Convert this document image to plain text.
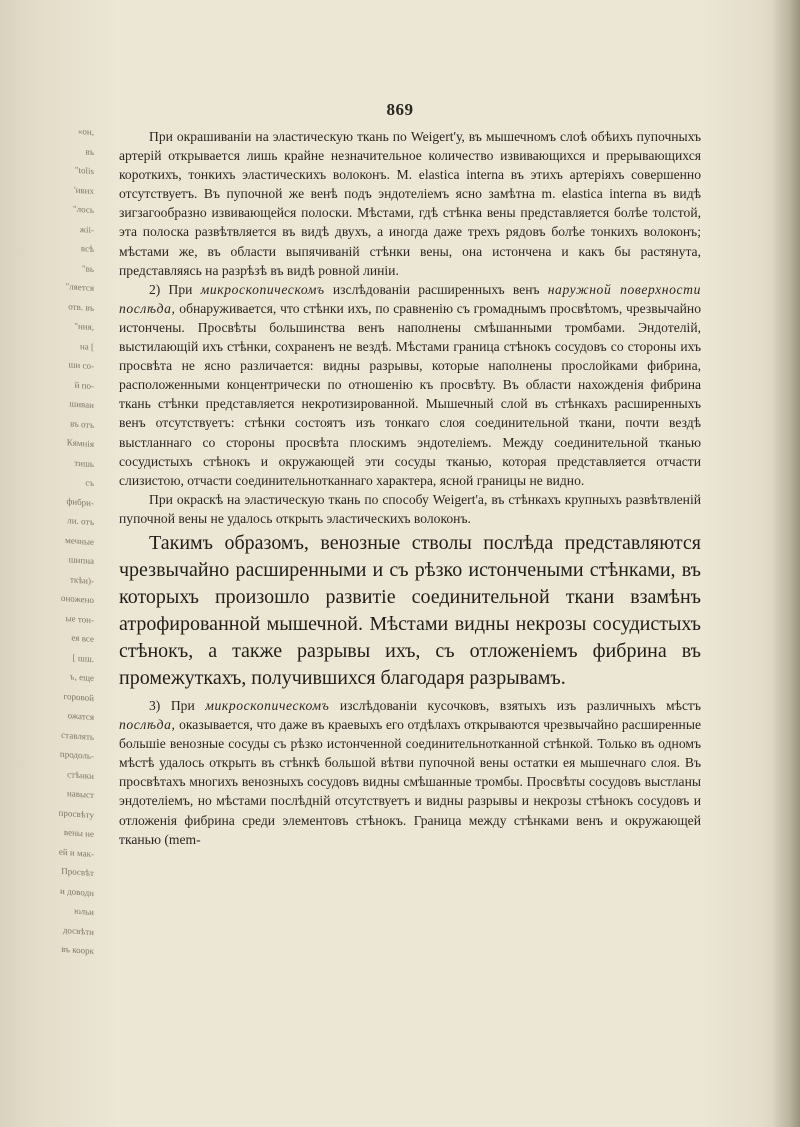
«он,
въ
"tolis
'ивих
"лось
жіі-
всѣ
"вь
"ляется
отв. въ
"ния,
на [
ши со-
й по-
шиваи
въ отъ
Кямнія
тишь
съ
фибри-
ли. отъ
мечные
шипна
ткѣи)-
оножено
ые тон-
ея все
[ шш.
ъ, еще
горовой
ожатся
ставлять
продоль-
стѣнки
навыст
просвѣту
вены не
ей и мак-
Просвѣт
и доводн
юльи
досвѣти
въ коорк
869

При окрашиваніи на эластическую ткань по Weigert'у, въ мышечномъ слоѣ обѣихъ пупочныхъ артерій открывается лишь крайне незначительное количество извивающихся и прерывающихся короткихъ, тонкихъ эластическихъ волоконъ. M. elastica interna въ этихъ артеріяхъ совершенно отсутствуетъ. Въ пупочной же венѣ подъ эндотеліемъ ясно замѣтна m. elastica interna въ видѣ зигзагообразно извивающейся полоски. Мѣстами, гдѣ стѣнка вены представляется болѣе толстой, эта полоска развѣтвляется въ видѣ двухъ, а иногда даже трехъ рядовъ болѣе тонкихъ волоконъ; мѣстами же, въ области выпячиваній стѣнки вены, она истончена и какъ бы растянута, представляясь на разрѣзѣ въ видѣ ровной линіи.

2) При микроскопическомъ изслѣдованіи расширенныхъ венъ наружной поверхности послѣда, обнаруживается, что стѣнки ихъ, по сравненію съ громаднымъ просвѣтомъ, чрезвычайно истончены. Просвѣты большинства венъ наполнены смѣшанными тромбами. Эндотелій, выстилающій ихъ стѣнки, сохраненъ не вездѣ. Мѣстами граница стѣнокъ сосудовъ со стороны ихъ просвѣта не ясно различается: видны разрывы, которые наполнены прослойками фибрина, расположенными концентрически по отношенію къ просвѣту. Въ области нахожденія фибрина ткань стѣнки представляется некротизированной. Мышечный слой въ стѣнкахъ расширенныхъ венъ отсутствуетъ: стѣнки состоятъ изъ тонкаго слоя соединительной ткани, почти вездѣ выстланнаго со стороны просвѣта плоскимъ эндотеліемъ. Между соединительной тканью сосудистыхъ стѣнокъ и окружающей эти сосуды тканью, которая представляется отчасти слизистою, отчасти соединительнотканнаго характера, ясной границы не видно.

При окраскѣ на эластическую ткань по способу Weigert'а, въ стѣнкахъ крупныхъ развѣтвленій пупочной вены не удалось открыть эластическихъ волоконъ.

Такимъ образомъ, венозные стволы послѣда представляются чрезвычайно расширенными и съ рѣзко истончеными стѣнками, въ которыхъ произошло развитіе соединительной ткани взамѣнъ атрофированной мышечной. Мѣстами видны некрозы сосудистыхъ стѣнокъ, а также разрывы ихъ, съ отложеніемъ фибрина въ промежуткахъ, получившихся благодаря разрывамъ.

3) При микроскопическомъ изслѣдованіи кусочковъ, взятыхъ изъ различныхъ мѣстъ послѣда, оказывается, что даже въ краевыхъ его отдѣлахъ открываются чрезвычайно расширенные большіе венозные сосуды съ рѣзко истонченной соединительнотканной стѣнкой. Только въ одномъ мѣстѣ удалось открыть въ стѣнкѣ большой вѣтви пупочной вены остатки ея мышечнаго слоя. Въ просвѣтахъ многихъ венозныхъ сосудовъ видны смѣшанные тромбы. Просвѣты сосудовъ выстланы эндотеліемъ, но мѣстами послѣдній отсутствуетъ и видны разрывы и некрозы стѣнокъ сосудовъ и отложенія фибрина среди элементовъ стѣнокъ. Граница между стѣнками венъ и окружающей тканью (mem-
